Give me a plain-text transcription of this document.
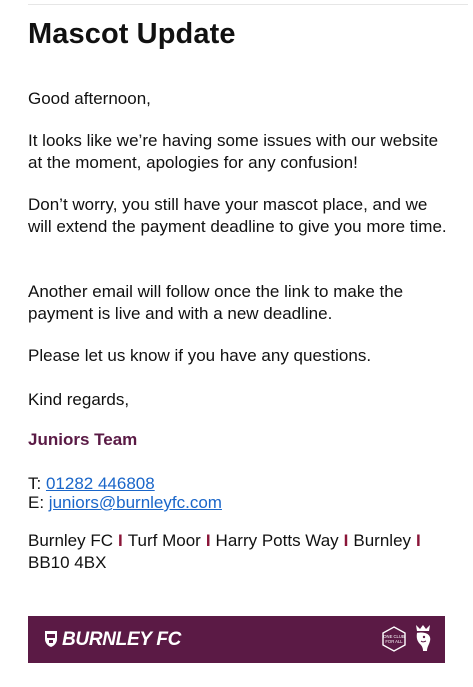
Mascot Update
Good afternoon,
It looks like we’re having some issues with our website at the moment, apologies for any confusion!
Don’t worry, you still have your mascot place, and we will extend the payment deadline to give you more time.
Another email will follow once the link to make the payment is live and with a new deadline.
Please let us know if you have any questions.
Kind regards,
Juniors Team
T: 01282 446808
E: juniors@burnleyfc.com
Burnley FC I Turf Moor I Harry Potts Way I Burnley I
BB10 4BX
BURNLEY FC	ONE CLUB
FOR ALL
